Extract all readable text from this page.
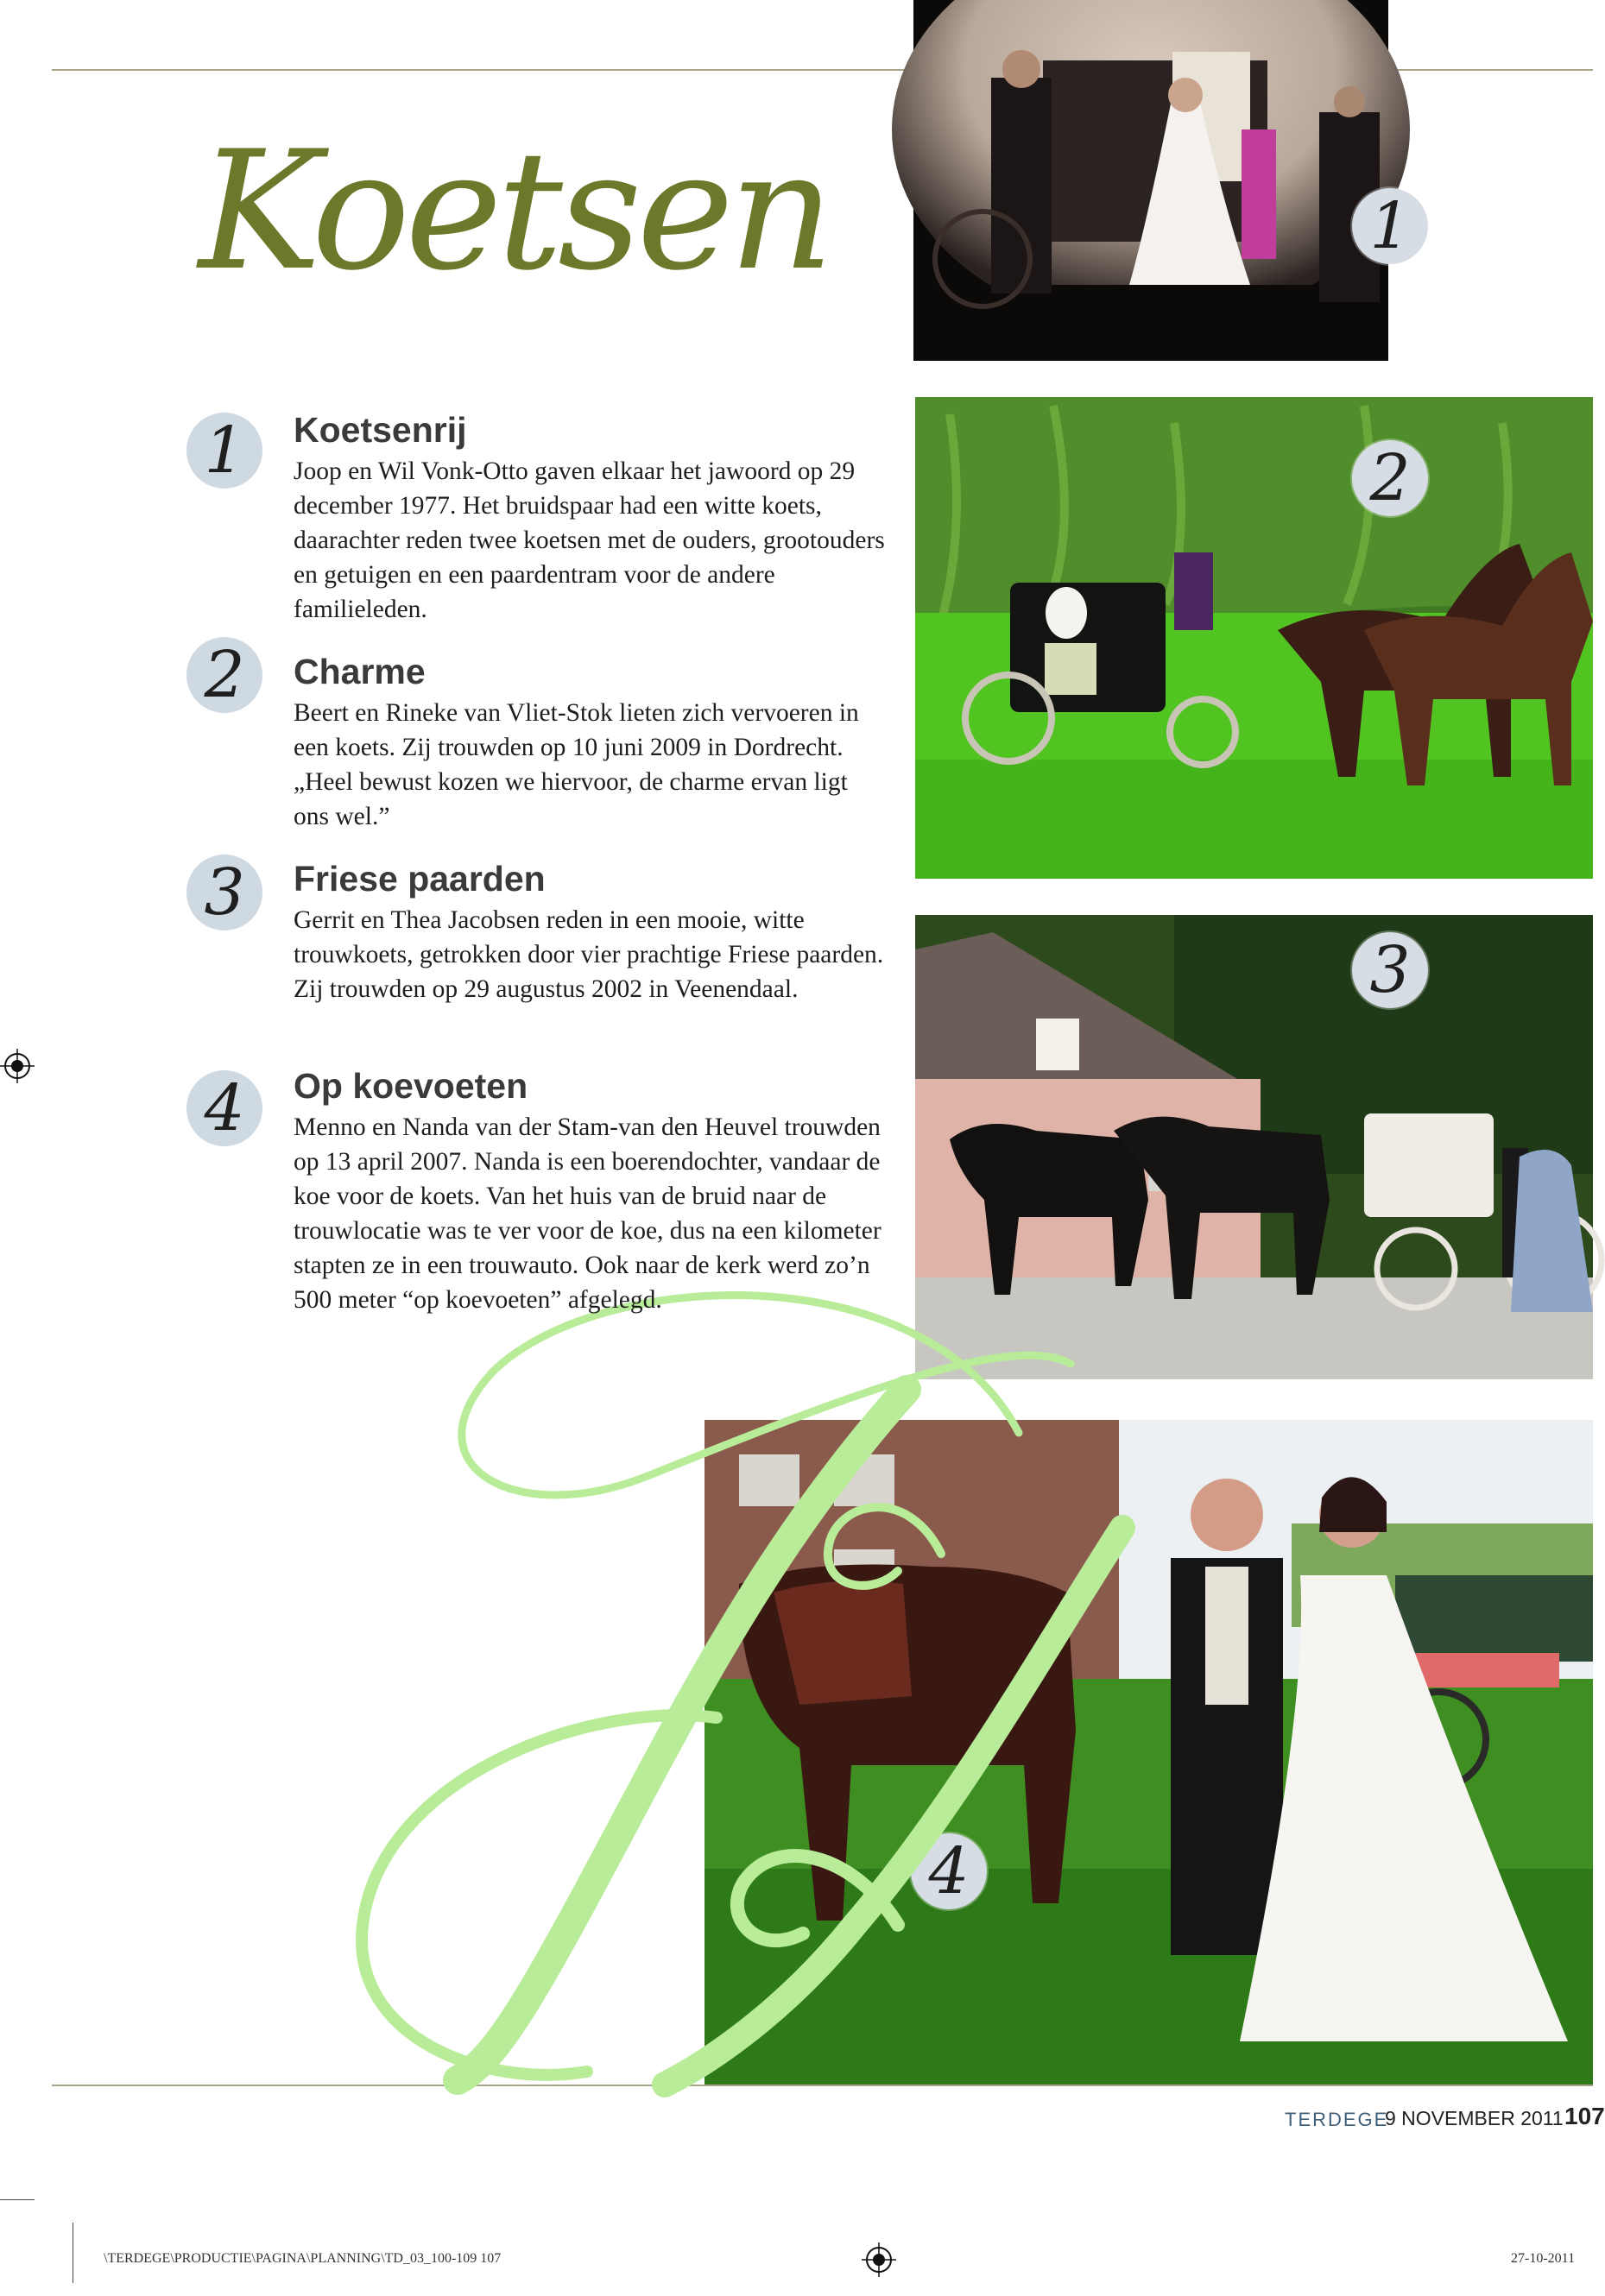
Koetsen	1
2
3
4
1	Koetsenrij

Joop en Wil Vonk-Otto gaven elkaar het jawoord op 29 december 1977. Het bruidspaar had een witte koets, daarachter reden twee koetsen met de ouders, grootouders en getuigen en een paardentram voor de andere familieleden.

2	Charme

Beert en Rineke van Vliet-Stok lieten zich vervoeren in een koets. Zij trouwden op 10 juni 2009 in Dordrecht. „Heel bewust kozen we hiervoor, de charme ervan ligt ons wel.”

3	Friese paarden

Gerrit en Thea Jacobsen reden in een mooie, witte trouwkoets, getrokken door vier prachtige Friese paarden. Zij trouwden op 29 augustus 2002 in Veenendaal.

4	Op koevoeten

Menno en Nanda van der Stam-van den Heuvel trouwden op 13 april 2007. Nanda is een boerendochter, vandaar de koe voor de koets. Van het huis van de bruid naar de trouwlocatie was te ver voor de koe, dus na een kilometer stapten ze in een trouwauto. Ook naar de kerk werd zo’n 500 meter “op koevoeten” afgelegd.

TERDEGE
9 NOVEMBER 2011 107
\TERDEGE\PRODUCTIE\PAGINA\PLANNING\TD_03_100-109 107	27-10-2011
